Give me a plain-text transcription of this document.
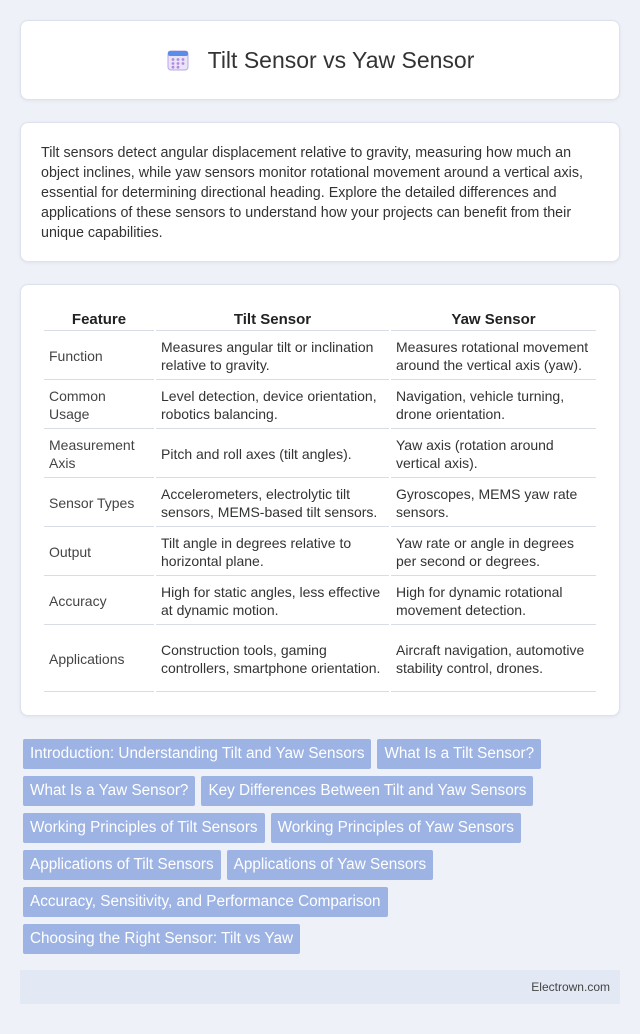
Tilt Sensor vs Yaw Sensor
Tilt sensors detect angular displacement relative to gravity, measuring how much an object inclines, while yaw sensors monitor rotational movement around a vertical axis, essential for determining directional heading. Explore the detailed differences and applications of these sensors to understand how your projects can benefit from their unique capabilities.
Feature	Tilt Sensor	Yaw Sensor
Function	Measures angular tilt or inclination relative to gravity.	Measures rotational movement around the vertical axis (yaw).
Common Usage	Level detection, device orientation, robotics balancing.	Navigation, vehicle turning, drone orientation.
Measurement Axis	Pitch and roll axes (tilt angles).	Yaw axis (rotation around vertical axis).
Sensor Types	Accelerometers, electrolytic tilt sensors, MEMS-based tilt sensors.	Gyroscopes, MEMS yaw rate sensors.
Output	Tilt angle in degrees relative to horizontal plane.	Yaw rate or angle in degrees per second or degrees.
Accuracy	High for static angles, less effective at dynamic motion.	High for dynamic rotational movement detection.
Applications	Construction tools, gaming controllers, smartphone orientation.	Aircraft navigation, automotive stability control, drones.
Introduction: Understanding Tilt and Yaw Sensors	What Is a Tilt Sensor?
What Is a Yaw Sensor?	Key Differences Between Tilt and Yaw Sensors
Working Principles of Tilt Sensors	Working Principles of Yaw Sensors
Applications of Tilt Sensors	Applications of Yaw Sensors
Accuracy, Sensitivity, and Performance Comparison
Choosing the Right Sensor: Tilt vs Yaw
Electrown.com
